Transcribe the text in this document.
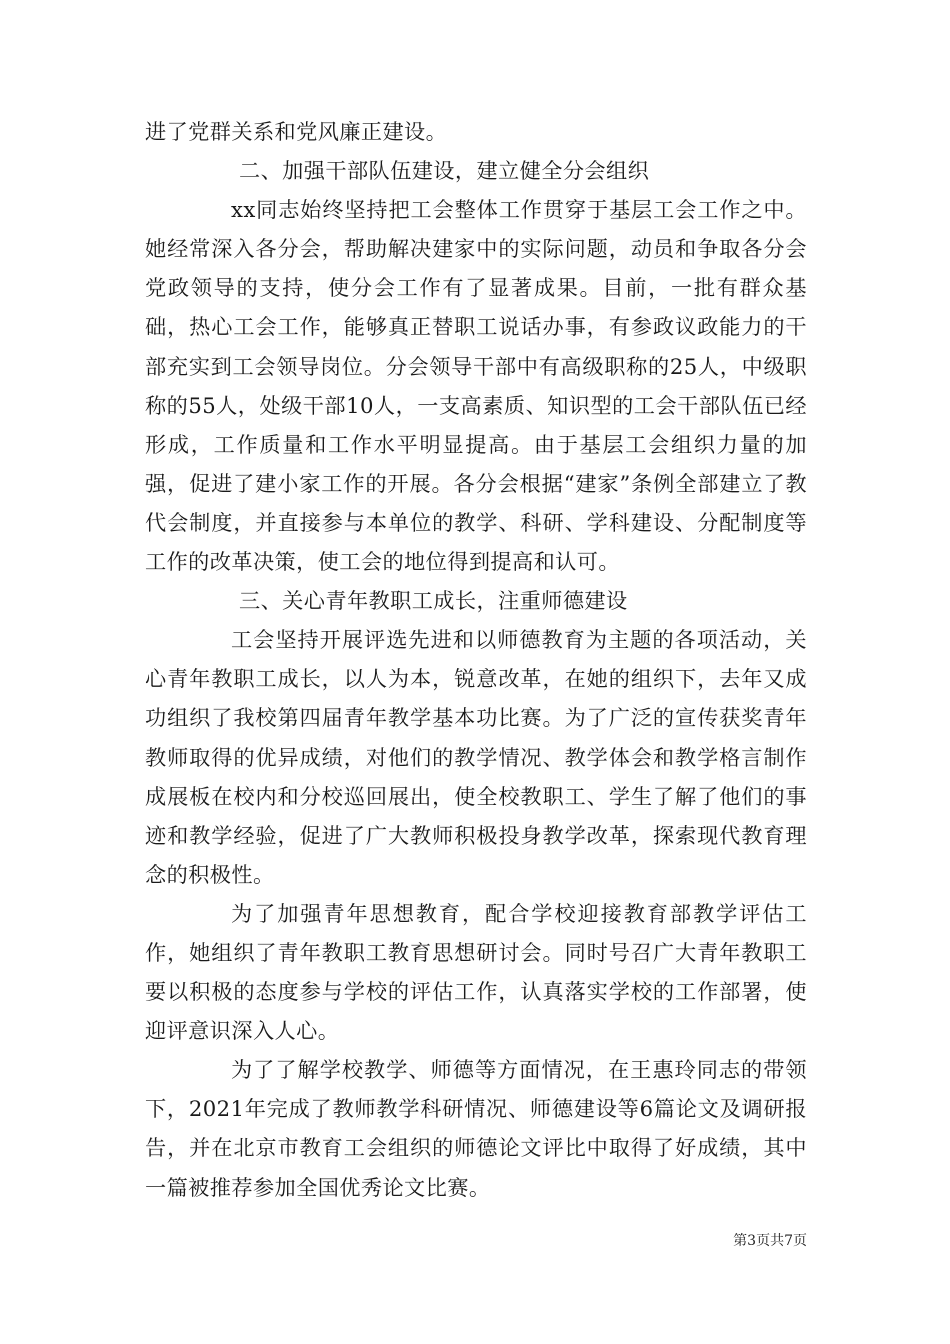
进了党群关系和党风廉正建设。

二、加强干部队伍建设，建立健全分会组织

xx同志始终坚持把工会整体工作贯穿于基层工会工作之中。她经常深入各分会，帮助解决建家中的实际问题，动员和争取各分会党政领导的支持，使分会工作有了显著成果。目前，一批有群众基础，热心工会工作，能够真正替职工说话办事，有参政议政能力的干部充实到工会领导岗位。分会领导干部中有高级职称的25人，中级职称的55人，处级干部10人，一支高素质、知识型的工会干部队伍已经形成，工作质量和工作水平明显提高。由于基层工会组织力量的加强，促进了建小家工作的开展。各分会根据“建家”条例全部建立了教代会制度，并直接参与本单位的教学、科研、学科建设、分配制度等工作的改革决策，使工会的地位得到提高和认可。

三、关心青年教职工成长，注重师德建设

工会坚持开展评选先进和以师德教育为主题的各项活动，关心青年教职工成长，以人为本，锐意改革，在她的组织下，去年又成功组织了我校第四届青年教学基本功比赛。为了广泛的宣传获奖青年教师取得的优异成绩，对他们的教学情况、教学体会和教学格言制作成展板在校内和分校巡回展出，使全校教职工、学生了解了他们的事迹和教学经验，促进了广大教师积极投身教学改革，探索现代教育理念的积极性。

为了加强青年思想教育，配合学校迎接教育部教学评估工作，她组织了青年教职工教育思想研讨会。同时号召广大青年教职工要以积极的态度参与学校的评估工作，认真落实学校的工作部署，使迎评意识深入人心。

为了了解学校教学、师德等方面情况，在王惠玲同志的带领下，2021年完成了教师教学科研情况、师德建设等6篇论文及调研报告，并在北京市教育工会组织的师德论文评比中取得了好成绩，其中一篇被推荐参加全国优秀论文比赛。

第3页共7页
